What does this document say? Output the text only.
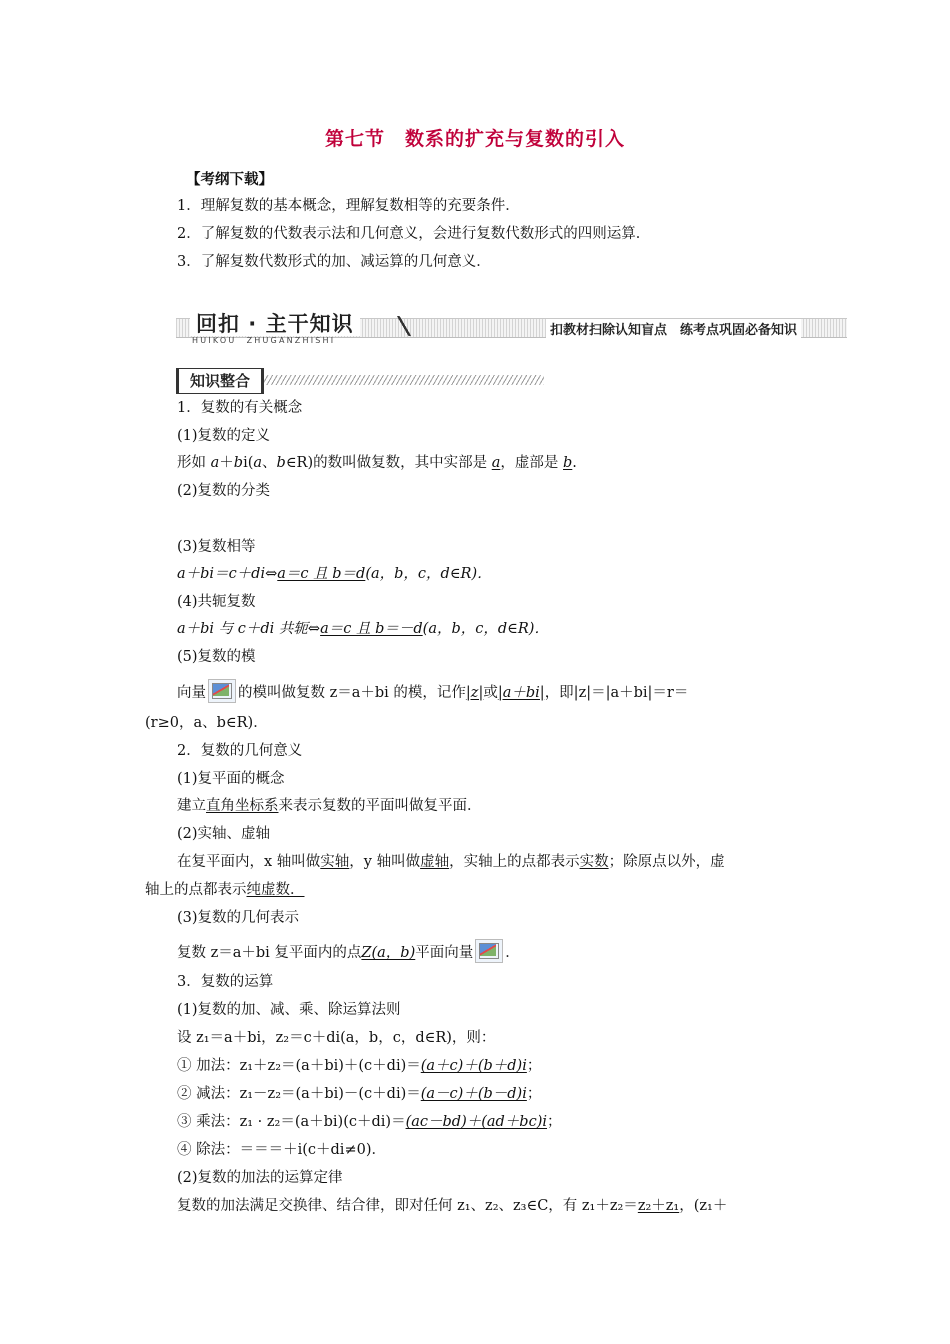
第七节　数系的扩充与复数的引入
【考纲下载】
1．理解复数的基本概念，理解复数相等的充要条件．
2．了解复数的代数表示法和几何意义，会进行复数代数形式的四则运算．
3．了解复数代数形式的加、减运算的几何意义．
回扣 · 主干知识
HUIKOU　ZHUGANZHISHI
扣教材扫除认知盲点　练考点巩固必备知识
知识整合
1．复数的有关概念
(1)复数的定义
形如 a＋bi(a、b∈R)的数叫做复数，其中实部是 a，虚部是 b.
(2)复数的分类
(3)复数相等
a＋bi＝c＋di⇔a＝c 且 b＝d(a，b，c，d∈R)．
(4)共轭复数
a＋bi 与 c＋di 共轭⇔a＝c 且 b＝－d(a，b，c，d∈R)．
(5)复数的模
向量 的模叫做复数 z＝a＋bi 的模，记作|z|或|a＋bi|，即|z|＝|a＋bi|＝r＝
(r≥0，a、b∈R)．
2．复数的几何意义
(1)复平面的概念
建立直角坐标系来表示复数的平面叫做复平面．
(2)实轴、虚轴
在复平面内，x 轴叫做实轴，y 轴叫做虚轴，实轴上的点都表示实数；除原点以外，虚
轴上的点都表示纯虚数．
(3)复数的几何表示
复数 z＝a＋bi 复平面内的点Z(a，b)平面向量 ．
3．复数的运算
(1)复数的加、减、乘、除运算法则
设 z₁＝a＋bi，z₂＝c＋di(a，b，c，d∈R)，则：
① 加法：z₁＋z₂＝(a＋bi)＋(c＋di)＝(a＋c)＋(b＋d)i；
② 减法：z₁－z₂＝(a＋bi)－(c＋di)＝(a－c)＋(b－d)i；
③ 乘法：z₁ · z₂＝(a＋bi)(c＋di)＝(ac－bd)＋(ad＋bc)i；
④ 除法：＝＝＝＋i(c＋di≠0)．
(2)复数的加法的运算定律
复数的加法满足交换律、结合律，即对任何 z₁、z₂、z₃∈C，有 z₁＋z₂＝z₂＋z₁，(z₁＋
